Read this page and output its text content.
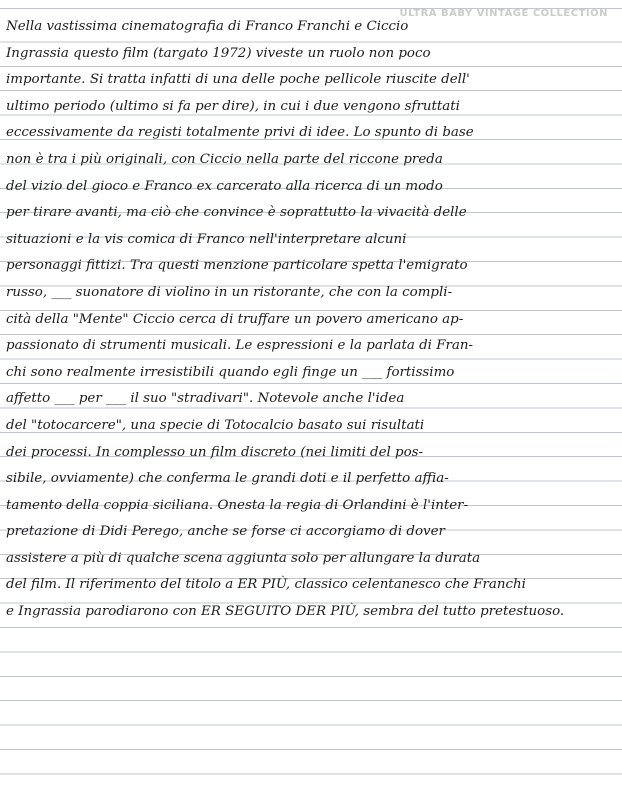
ULTRA BABY VINTAGE COLLECTION
Nella vastissima cinematografia di Franco Franchi e Ciccio
Ingrassia questo film (targato 1972) viveste un ruolo non poco
importante. Si tratta infatti di una delle poche pellicole riuscite dell'
ultimo periodo (ultimo si fa per dire), in cui i due vengono sfruttati
eccessivamente da registi totalmente privi di idee. Lo spunto di base
non è tra i più originali, con Ciccio nella parte del riccone preda
del vizio del gioco e Franco ex carcerato alla ricerca di un modo
per tirare avanti, ma ciò che convince è soprattutto la vivacità delle
situazioni e la vis comica di Franco nell'interpretare alcuni
personaggi fittizi. Tra questi menzione particolare spetta l'emigrato
russo, ___ suonatore di violino in un ristorante, che con la compli-
cità della "Mente" Ciccio cerca di truffare un povero americano ap-
passionato di strumenti musicali. Le espressioni e la parlata di Fran-
chi sono realmente irresistibili quando egli finge un ___ fortissimo
affetto ___ per ___ il suo "stradivari". Notevole anche l'idea
del "totocarcere", una specie di Totocalcio basato sui risultati
dei processi. In complesso un film discreto (nei limiti del pos-
sibile, ovviamente) che conferma le grandi doti e il perfetto affia-
tamento della coppia siciliana. Onesta la regia di Orlandini è l'inter-
pretazione di Didi Perego, anche se forse ci accorgiamo di dover
assistere a più di qualche scena aggiunta solo per allungare la durata
del film. Il riferimento del titolo a ER PIÙ, classico celentanesco che Franchi
e Ingrassia parodiarono con ER SEGUITO DER PIÙ, sembra del tutto pretestuoso.
